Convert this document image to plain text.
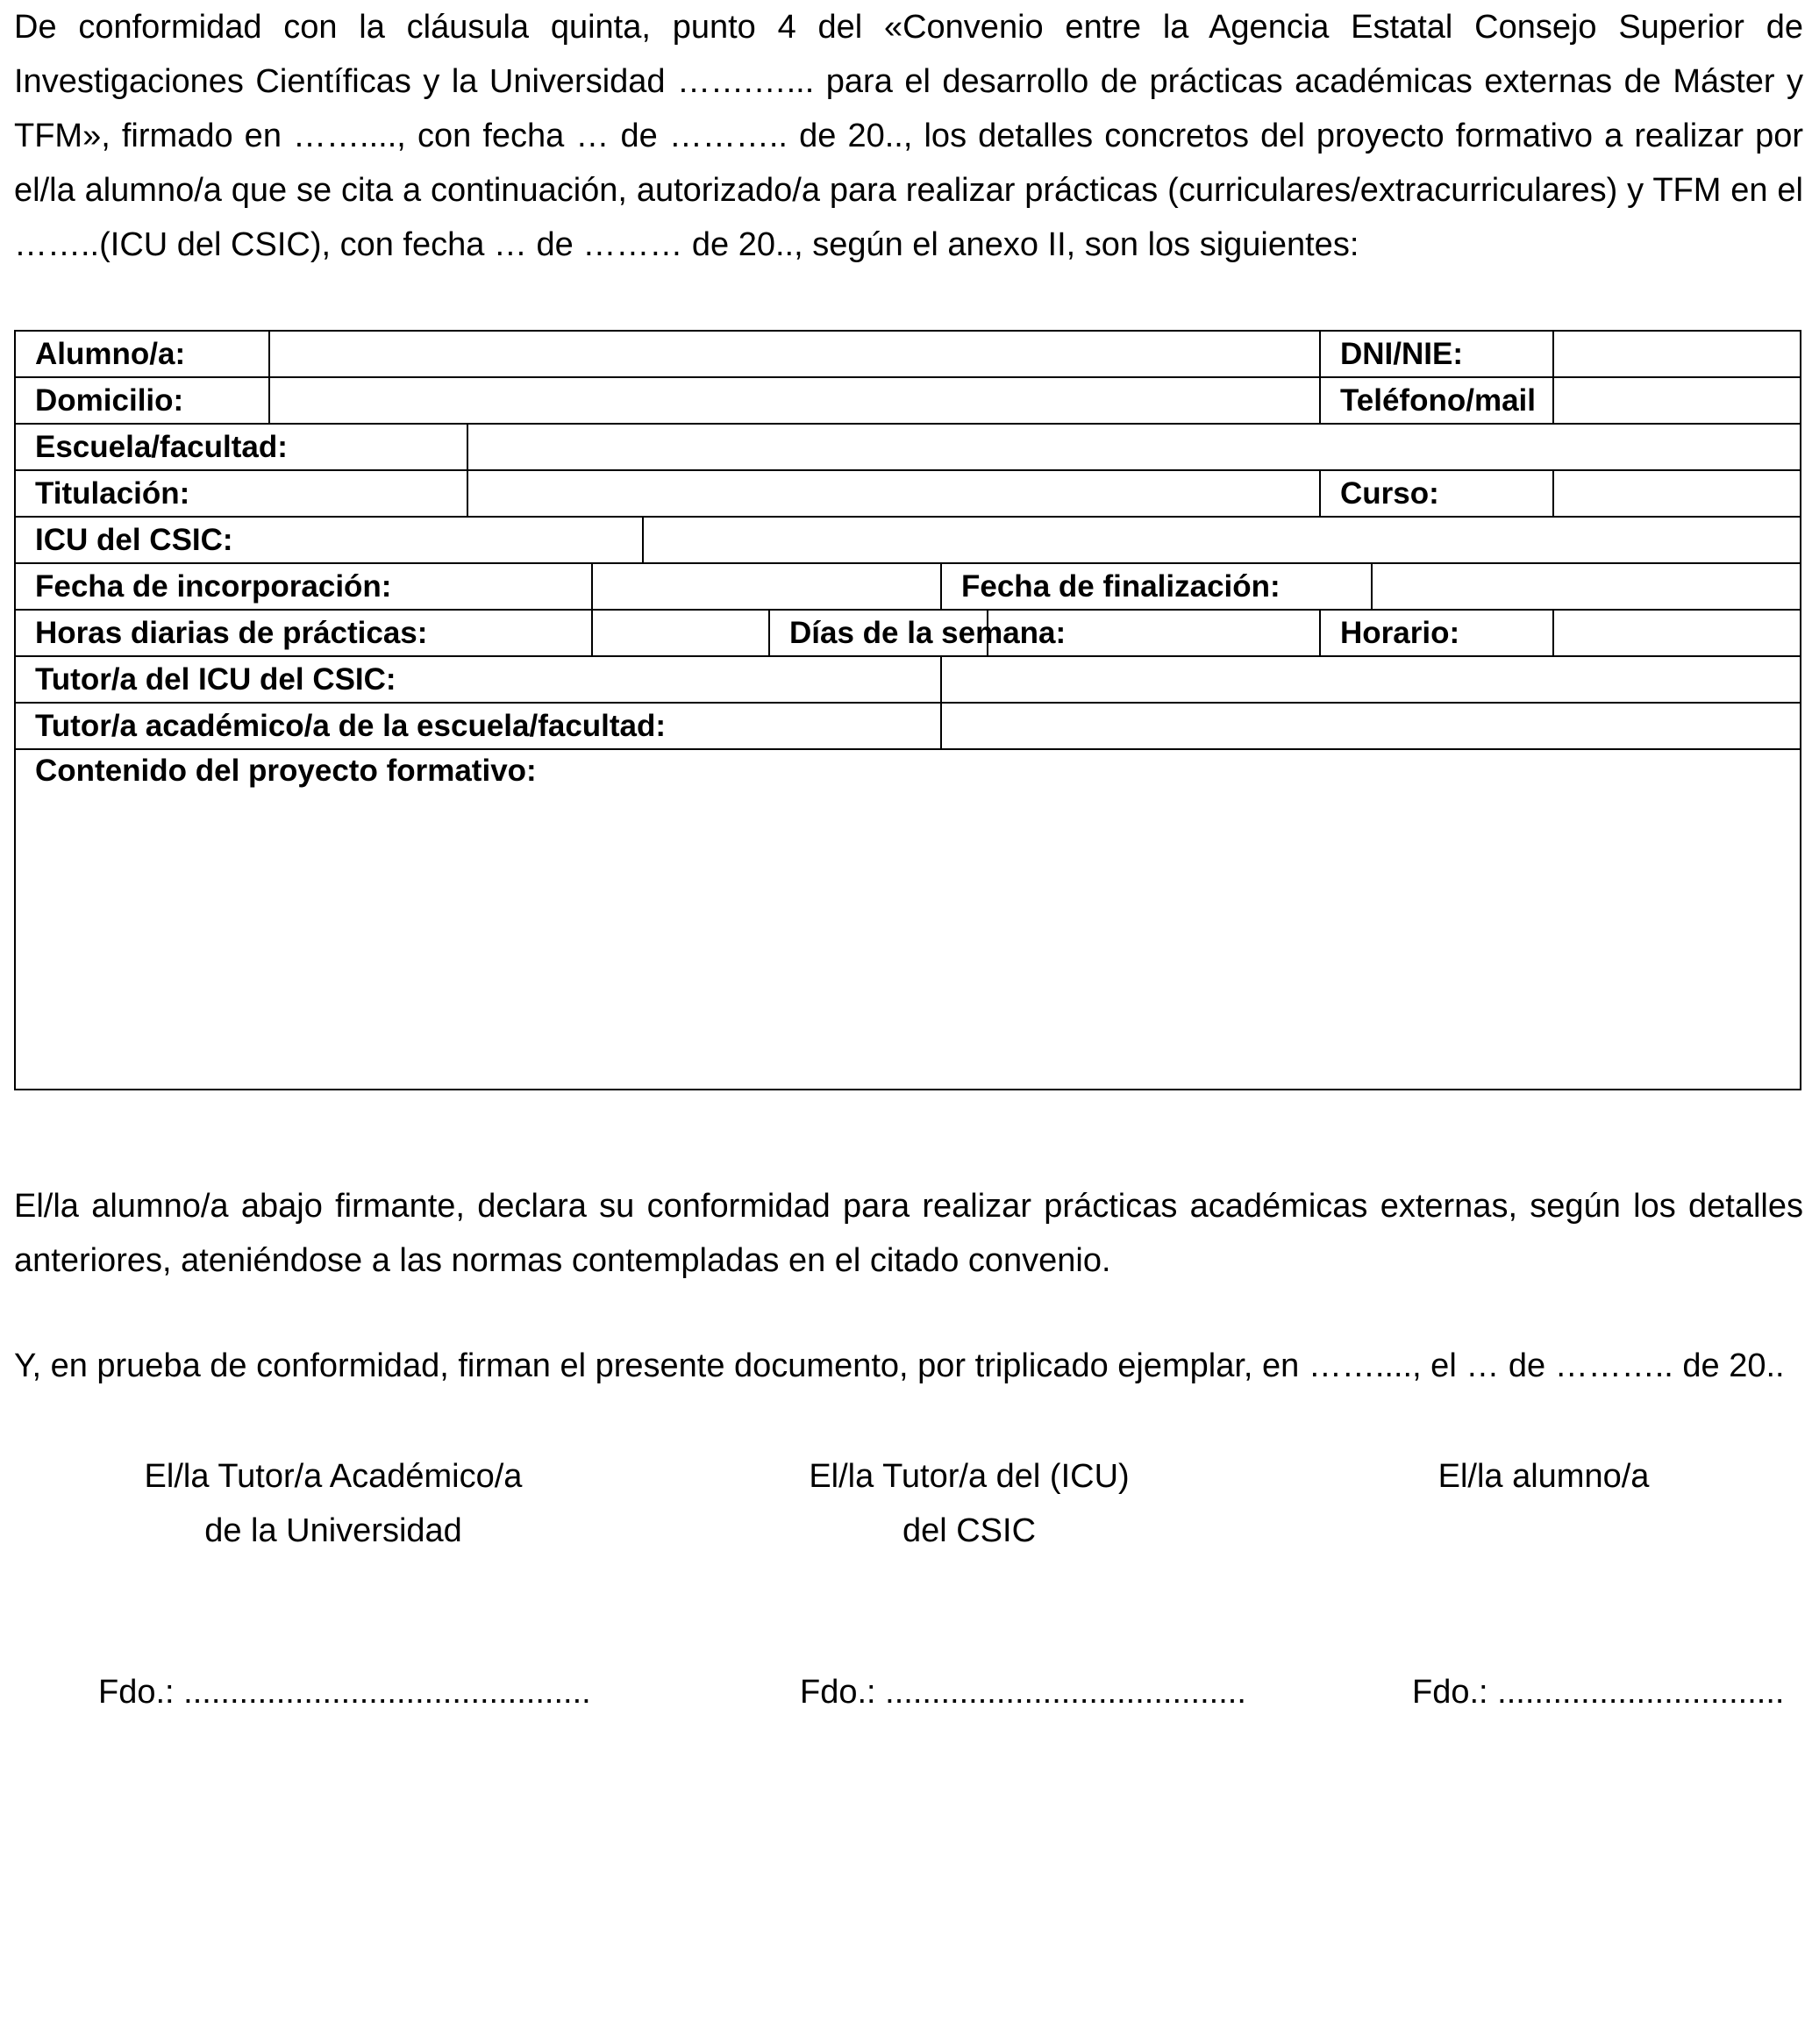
De conformidad con la cláusula quinta, punto 4 del «Convenio entre la Agencia Estatal Consejo Superior de Investigaciones Científicas y la Universidad …….…... para el desarrollo de prácticas académicas externas de Máster y TFM», firmado en ……...., con fecha … de ……….. de 20.., los detalles concretos del proyecto formativo a realizar por el/la alumno/a que se cita a continuación, autorizado/a para realizar prácticas (curriculares/extracurriculares) y TFM en el ……..(ICU del CSIC), con fecha … de ……… de 20.., según el anexo II, son los siguientes:

Alumno/a:								DNI/NIE:		
Domicilio:								Teléfono/mail		
Escuela/facultad:										
Titulación:								Curso:		
ICU del CSIC:										
Fecha de incorporación:						Fecha de finalización:				
Horas diarias de prácticas:					Días de la semana:			Horario:		
Tutor/a del ICU del CSIC:										
Tutor/a académico/a de la escuela/facultad:										
Contenido del proyecto formativo:										

El/la alumno/a abajo firmante, declara su conformidad para realizar prácticas académicas externas, según los detalles anteriores, ateniéndose a las normas contempladas en el citado convenio.

Y, en prueba de conformidad, firman el presente documento, por triplicado ejemplar, en ……...., el … de ……….. de 20..

El/la Tutor/a Académico/a
de la Universidad
El/la Tutor/a del (ICU)
del CSIC
El/la alumno/a
Fdo.: ............................................	Fdo.: .......................................	Fdo.: ...............................
